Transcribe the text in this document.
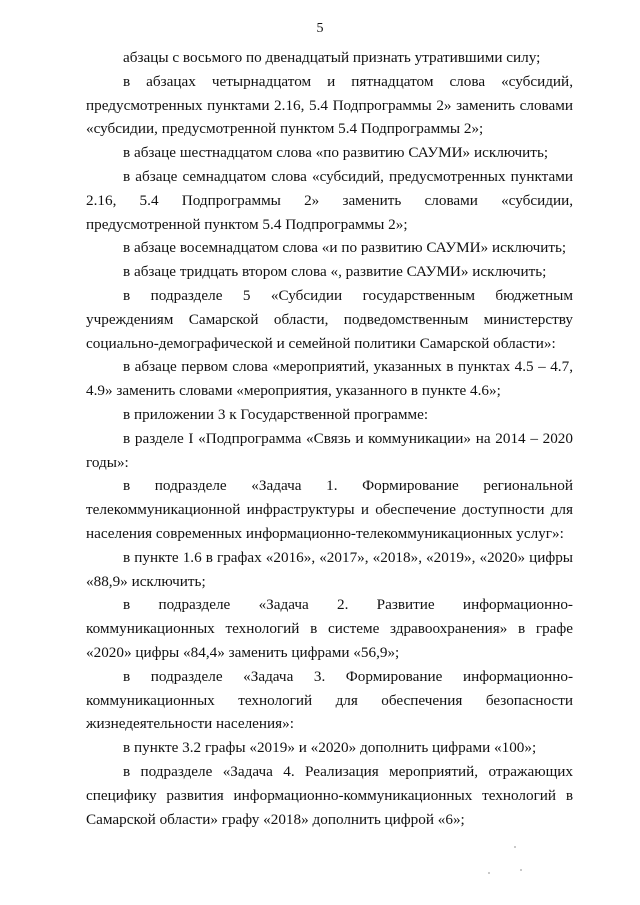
5

абзацы с восьмого по двенадцатый признать утратившими силу;

в абзацах четырнадцатом и пятнадцатом слова «субсидий, предусмотренных пунктами 2.16, 5.4 Подпрограммы 2» заменить словами «субсидии, предусмотренной пунктом 5.4 Подпрограммы 2»;

в абзаце шестнадцатом слова «по развитию САУМИ» исключить;

в абзаце семнадцатом слова «субсидий, предусмотренных пунктами 2.16, 5.4 Подпрограммы 2» заменить словами «субсидии, предусмотренной пунктом 5.4 Подпрограммы 2»;

в абзаце восемнадцатом слова «и по развитию САУМИ» исключить;

в абзаце тридцать втором слова «, развитие САУМИ» исключить;

в подразделе 5 «Субсидии государственным бюджетным учреждениям Самарской области, подведомственным министерству социально-демографической и семейной политики Самарской области»:

в абзаце первом слова «мероприятий, указанных в пунктах 4.5 – 4.7, 4.9» заменить словами «мероприятия, указанного в пункте 4.6»;

в приложении 3 к Государственной программе:

в разделе I «Подпрограмма «Связь и коммуникации» на 2014 – 2020 годы»:

в подразделе «Задача 1. Формирование региональной телекоммуникационной инфраструктуры и обеспечение доступности для населения современных информационно-телекоммуникационных услуг»:

в пункте 1.6 в графах «2016», «2017», «2018», «2019», «2020» цифры «88,9» исключить;

в подразделе «Задача 2. Развитие информационно-коммуникационных технологий в системе здравоохранения» в графе «2020» цифры «84,4» заменить цифрами «56,9»;

в подразделе «Задача 3. Формирование информационно-коммуникационных технологий для обеспечения безопасности жизнедеятельности населения»:

в пункте 3.2 графы «2019» и «2020» дополнить цифрами «100»;

в подразделе «Задача 4. Реализация мероприятий, отражающих специфику развития информационно-коммуникационных технологий в Самарской области» графу «2018» дополнить цифрой «6»;
